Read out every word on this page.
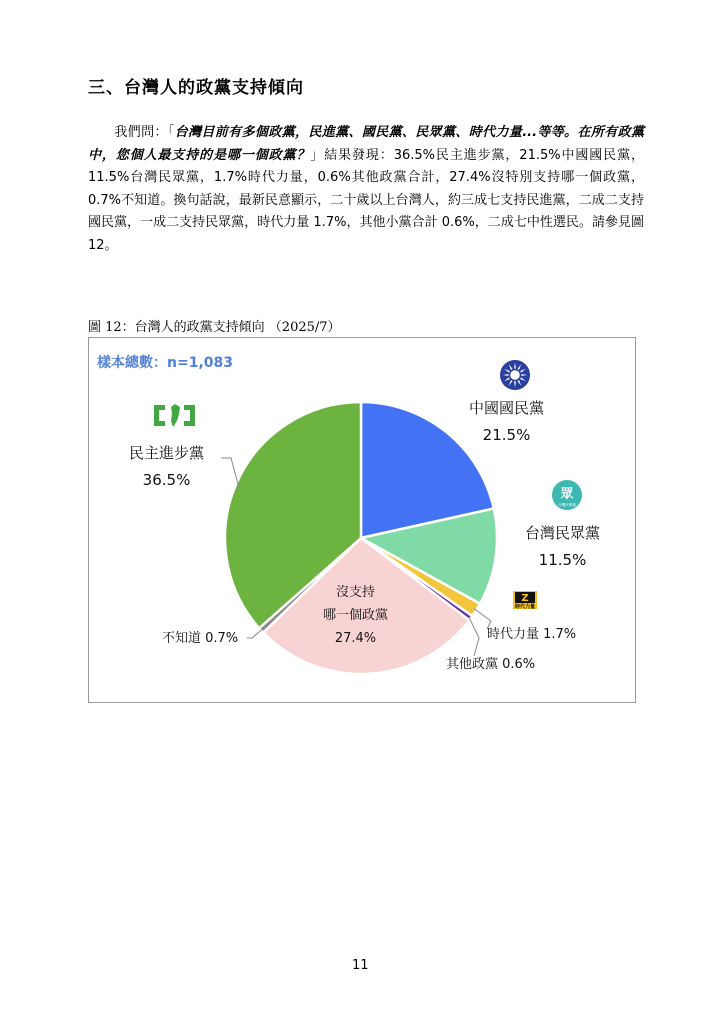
三、台灣人的政黨支持傾向
我們問：「台灣目前有多個政黨，民進黨、國民黨、民眾黨、時代力量...等等。在所有政黨中，您個人最支持的是哪一個政黨？」結果發現：36.5%民主進步黨，21.5%中國國民黨，11.5%台灣民眾黨，1.7%時代力量，0.6%其他政黨合計，27.4%沒特別支持哪一個政黨，0.7%不知道。換句話說，最新民意顯示，二十歲以上台灣人，約三成七支持民進黨，二成二支持國民黨，一成二支持民眾黨，時代力量 1.7%，其他小黨合計 0.6%，二成七中性選民。請參見圖 12。
圖 12：台灣人的政黨支持傾向 （2025/7）
眾
台灣民眾黨
Z
時代力量
樣本總數：n=1,083
中國國民黨
21.5%
台灣民眾黨
11.5%
時代力量 1.7%
其他政黨 0.6%
沒支持
哪一個政黨
27.4%
不知道 0.7%
民主進步黨
36.5%
11
